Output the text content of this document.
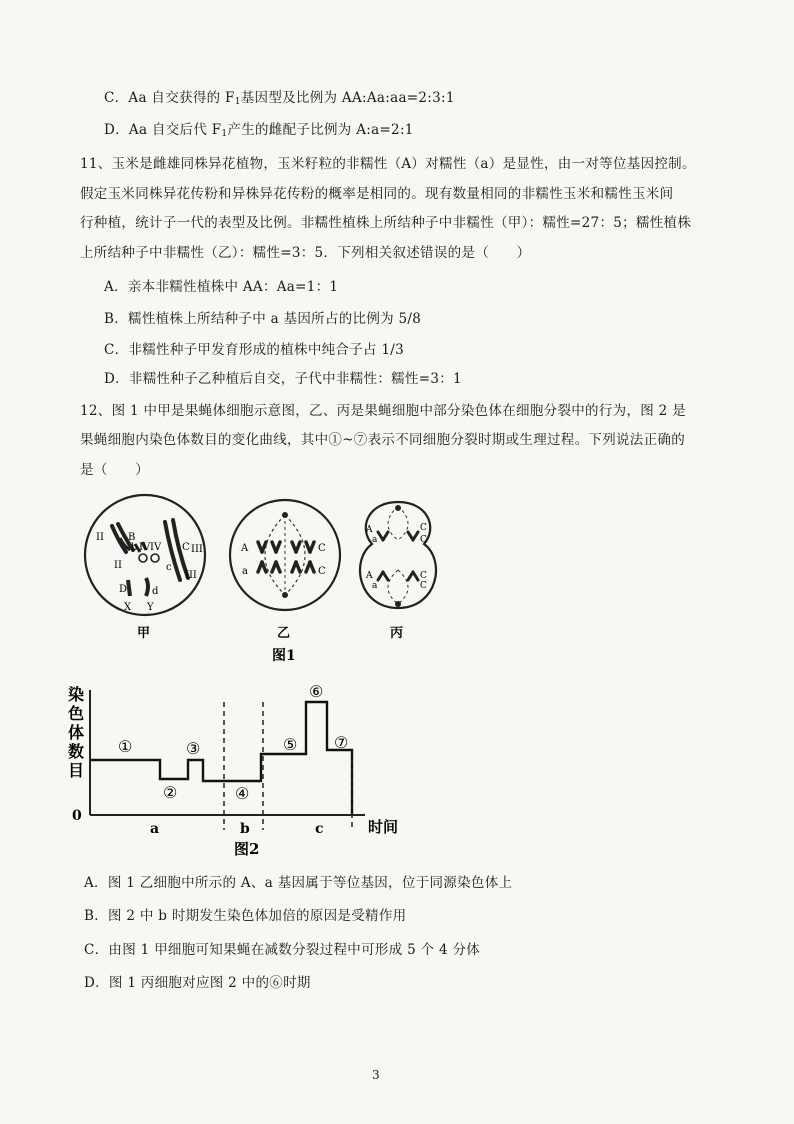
C．Aa 自交获得的 $F_1$基因型及比例为 AA:Aa:aa=2:3:1
D．Aa 自交后代 $F_1$产生的雌配子比例为 A:a=2:1
11、玉米是雌雄同株异花植物，玉米籽粒的非糯性（A）对糯性（a）是显性，由一对等位基因控制。
假定玉米同株异花传粉和异株异花传粉的概率是相同的。现有数量相同的非糯性玉米和糯性玉米间
行种植，统计子一代的表型及比例。非糯性植株上所结种子中非糯性（甲）：糯性=27：5；糯性植株
上所结种子中非糯性（乙）：糯性=3：5．下列相关叙述错误的是（　　）
A．亲本非糯性植株中 AA：Aa=1：1
B．糯性植株上所结种子中 a 基因所占的比例为 5/8
C．非糯性种子甲发育形成的植株中纯合子占 1/3
D．非糯性种子乙种植后自交，子代中非糯性：糯性=3：1
12、图 1 中甲是果蝇体细胞示意图，乙、丙是果蝇细胞中部分染色体在细胞分裂中的行为，图 2 是
果蝇细胞内染色体数目的变化曲线，其中①~⑦表示不同细胞分裂时期或生理过程。下列说法正确的
是（　　）
II B
b
II
IV IV C
c
III
III
D d
X Y
甲
A
a
C
C
乙
A
a
A
a
C
C
C
C
丙
图1
染
色
体
数
目
0
时间
①
②
③
④
⑤
⑥
⑦
a	b	c
图2
A．图 1 乙细胞中所示的 A、a 基因属于等位基因，位于同源染色体上
B．图 2 中 b 时期发生染色体加倍的原因是受精作用
C．由图 1 甲细胞可知果蝇在减数分裂过程中可形成 5 个 4 分体
D．图 1 丙细胞对应图 2 中的⑥时期
3
